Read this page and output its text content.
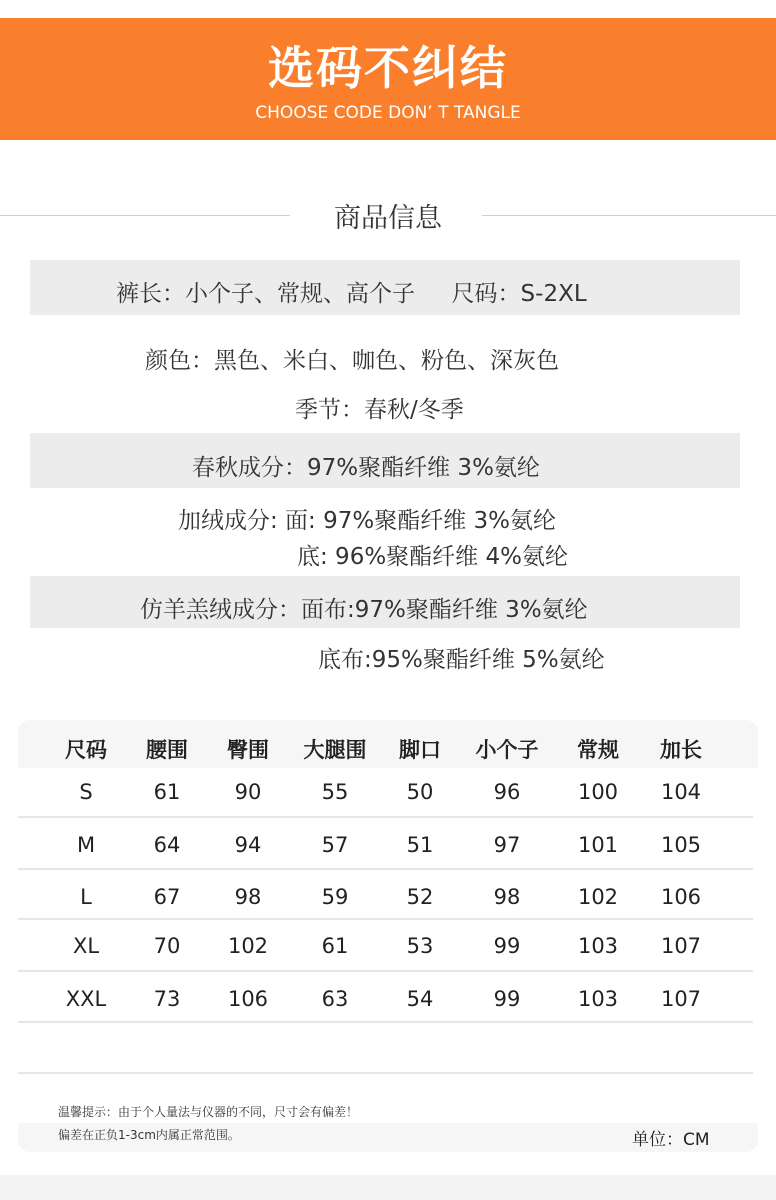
选码不纠结
CHOOSE CODE DON’ T TANGLE
商品信息
裤长：小个子、常规、高个子     尺码：S-2XL
颜色：黑色、米白、咖色、粉色、深灰色
季节：春秋/冬季
春秋成分：97%聚酯纤维 3%氨纶
加绒成分: 面: 97%聚酯纤维 3%氨纶
底: 96%聚酯纤维 4%氨纶
仿羊羔绒成分：面布:97%聚酯纤维 3%氨纶
底布:95%聚酯纤维 5%氨纶
尺码	腰围	臀围	大腿围	脚口	小个子	常规	加长
S	61	90	55	50	96	100	104
M	64	94	57	51	97	101	105
L	67	98	59	52	98	102	106
XL	70	102	61	53	99	103	107
XXL	73	106	63	54	99	103	107
温馨提示：由于个人量法与仪器的不同，尺寸会有偏差！
偏差在正负1-3cm内属正常范围。	单位：CM
